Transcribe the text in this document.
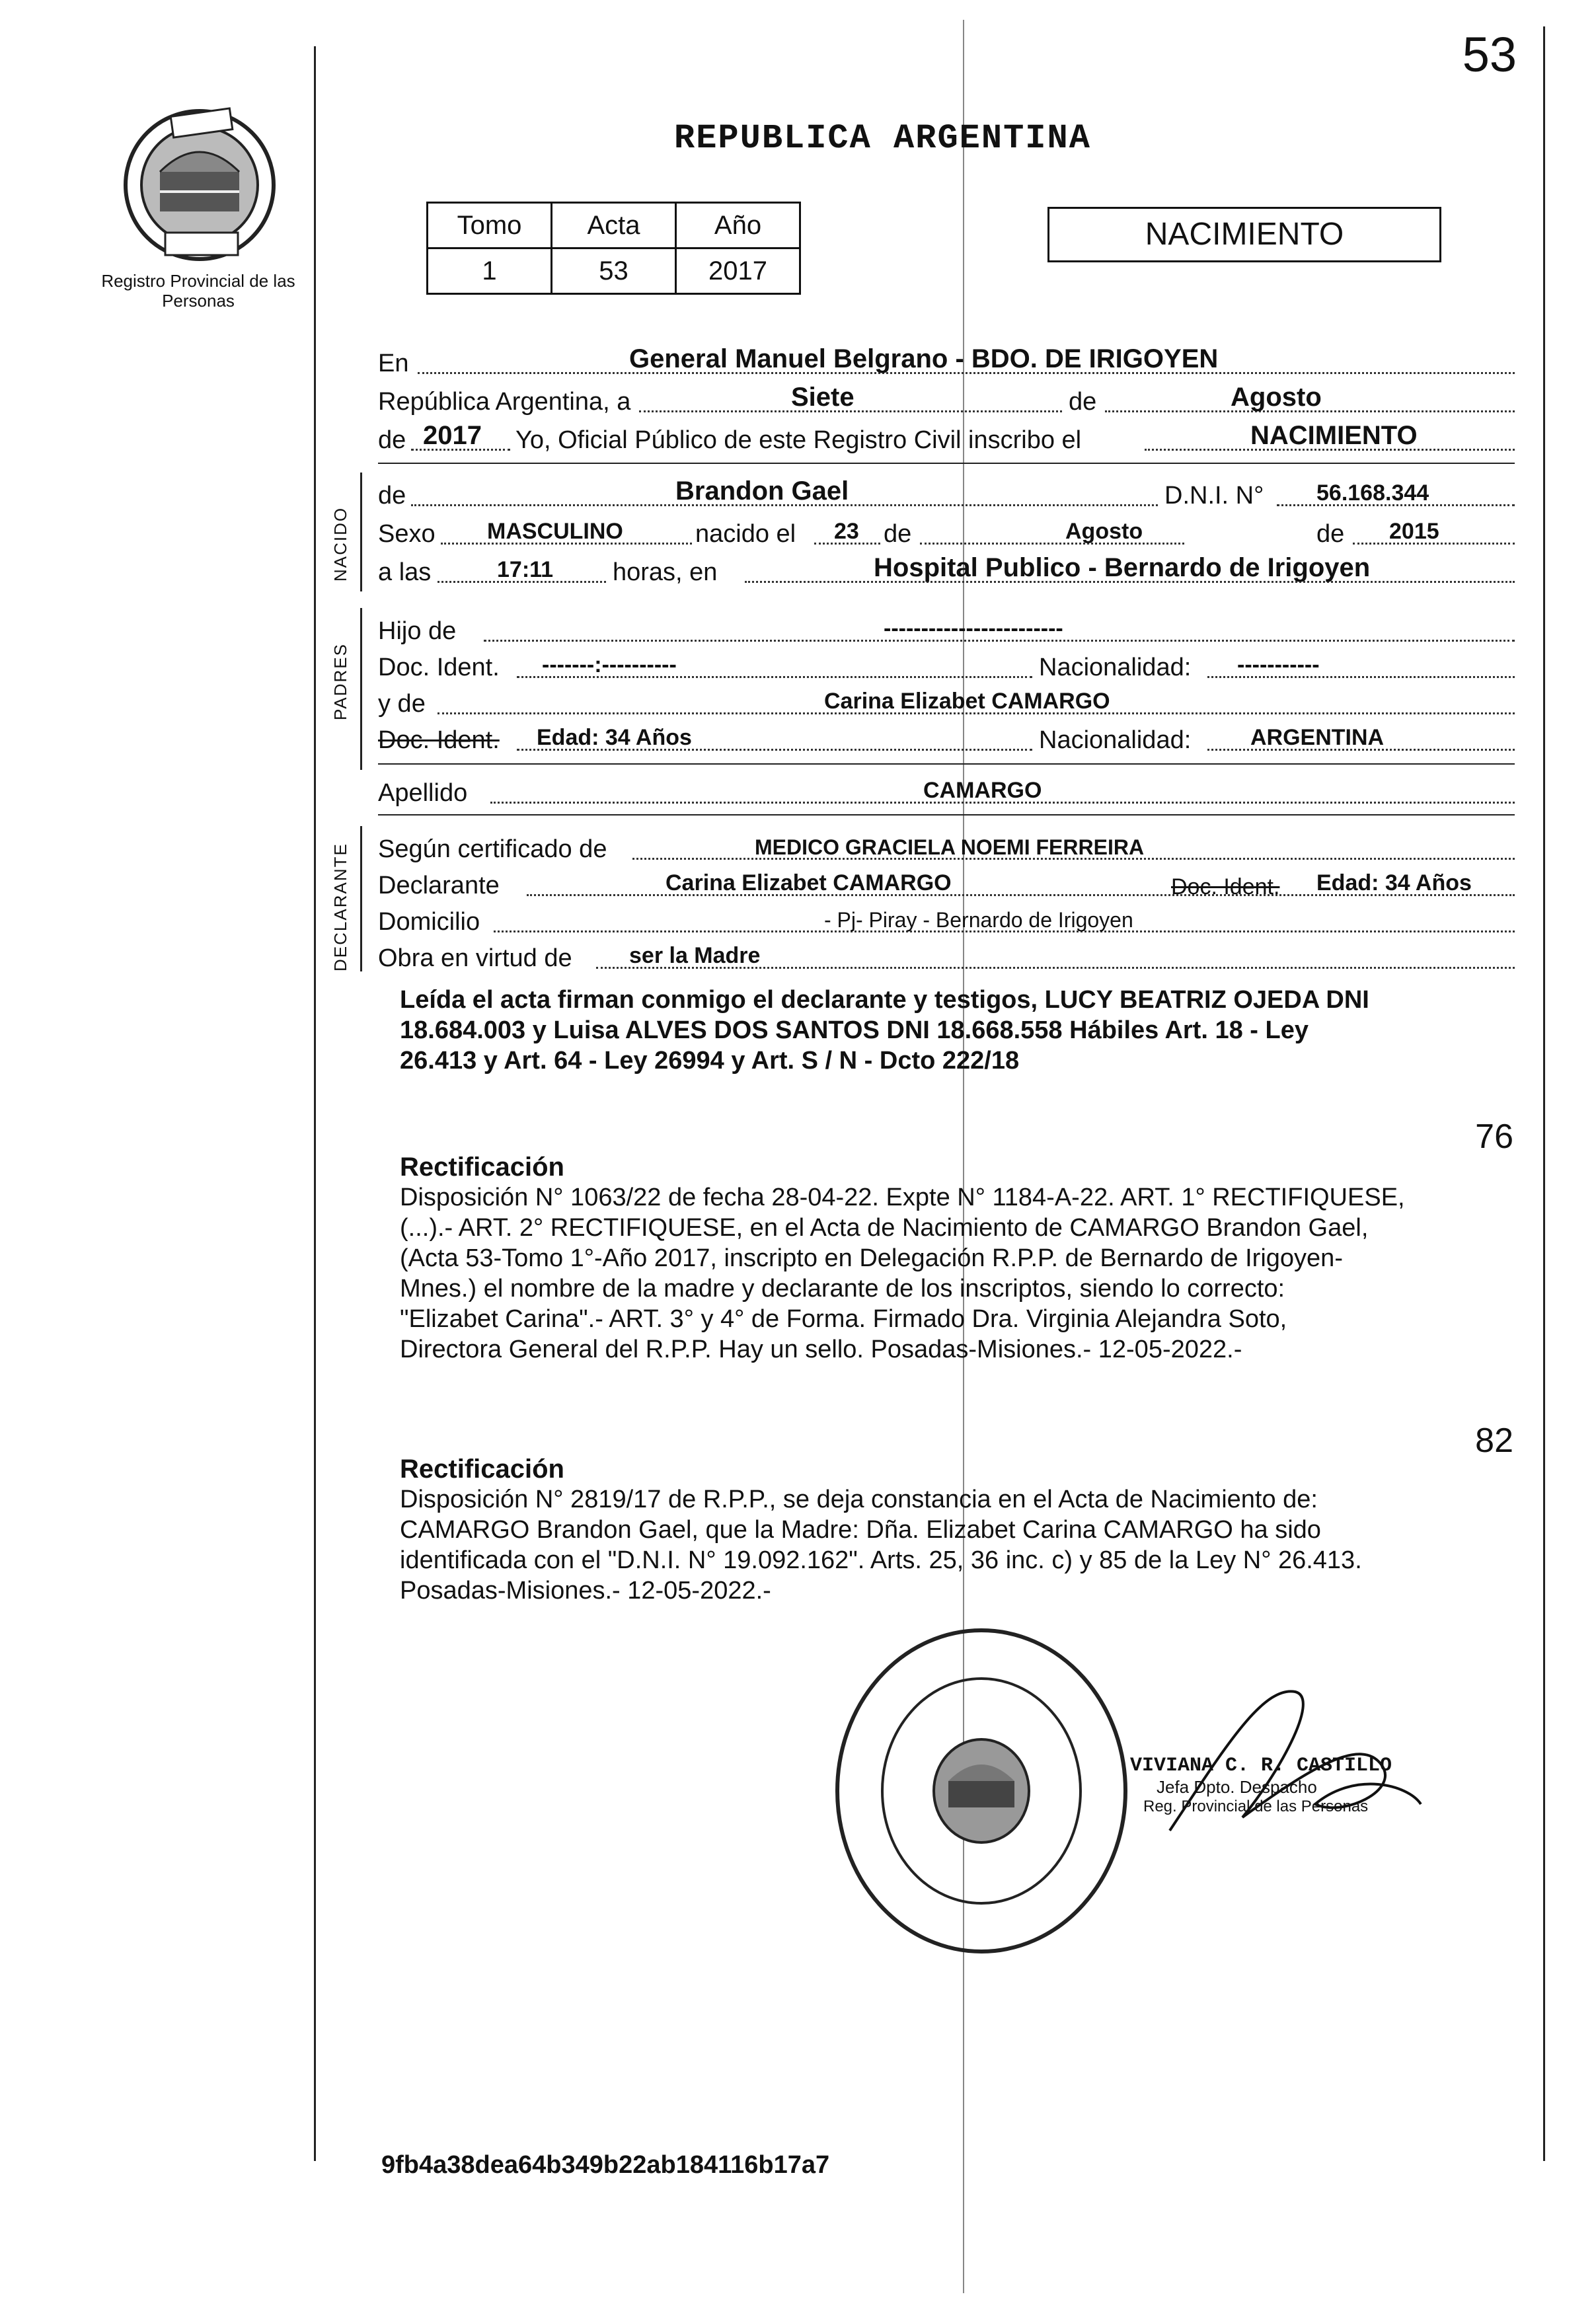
53
Registro Provincial de las Personas
REPUBLICA ARGENTINA
Tomo	Acta	Año
1	53	2017
NACIMIENTO
En	General Manuel Belgrano - BDO. DE IRIGOYEN
República Argentina, a	Siete	de	Agosto
de 2017 Yo, Oficial Público de este Registro Civil inscribo el	NACIMIENTO
NACIDO
de	Brandon Gael	D.N.I. N° 56.168.344
Sexo MASCULINO	nacido el 23 de	Agosto	de 2015
a las	17:11 horas, en	Hospital Publico - Bernardo de Irigoyen
PADRES
Hijo de	------------------------
Doc. Ident. -------:----------	Nacionalidad: -----------
y de	Carina Elizabet CAMARGO
Doc. Ident. Edad: 34 Años	Nacionalidad:	ARGENTINA
Apellido	CAMARGO
DECLARANTE Según certificado de	MEDICO GRACIELA NOEMI FERREIRA
Declarante	Carina Elizabet CAMARGO	Doc. Ident. Edad: 34 Años
Domicilio	- Pj- Piray - Bernardo de Irigoyen
Obra en virtud de	ser la Madre
Leída el acta firman conmigo el declarante y testigos, LUCY BEATRIZ OJEDA DNI
18.684.003 y Luisa ALVES DOS SANTOS DNI 18.668.558 Hábiles Art. 18 - Ley
26.413 y Art. 64 - Ley 26994 y Art. S / N - Dcto 222/18
76
Rectificación
Disposición N° 1063/22 de fecha 28-04-22. Expte N° 1184-A-22. ART. 1° RECTIFIQUESE,
(...).- ART. 2° RECTIFIQUESE, en el Acta de Nacimiento de CAMARGO Brandon Gael,
(Acta 53-Tomo 1°-Año 2017, inscripto en Delegación R.P.P. de Bernardo de Irigoyen-
Mnes.) el nombre de la madre y declarante de los inscriptos, siendo lo correcto:
"Elizabet Carina".- ART. 3° y 4° de Forma. Firmado Dra. Virginia Alejandra Soto,
Directora General del R.P.P. Hay un sello. Posadas-Misiones.- 12-05-2022.-
82
Rectificación
Disposición N° 2819/17 de R.P.P., se deja constancia en el Acta de Nacimiento de:
CAMARGO Brandon Gael, que la Madre: Dña. Elizabet Carina CAMARGO ha sido
identificada con el "D.N.I. N° 19.092.162". Arts. 25, 36 inc. c) y 85 de la Ley N° 26.413.
Posadas-Misiones.- 12-05-2022.-
VIVIANA C. R. CASTILLO
Jefa Dpto. Despacho
Reg. Provincial de las Personas
9fb4a38dea64b349b22ab184116b17a7
